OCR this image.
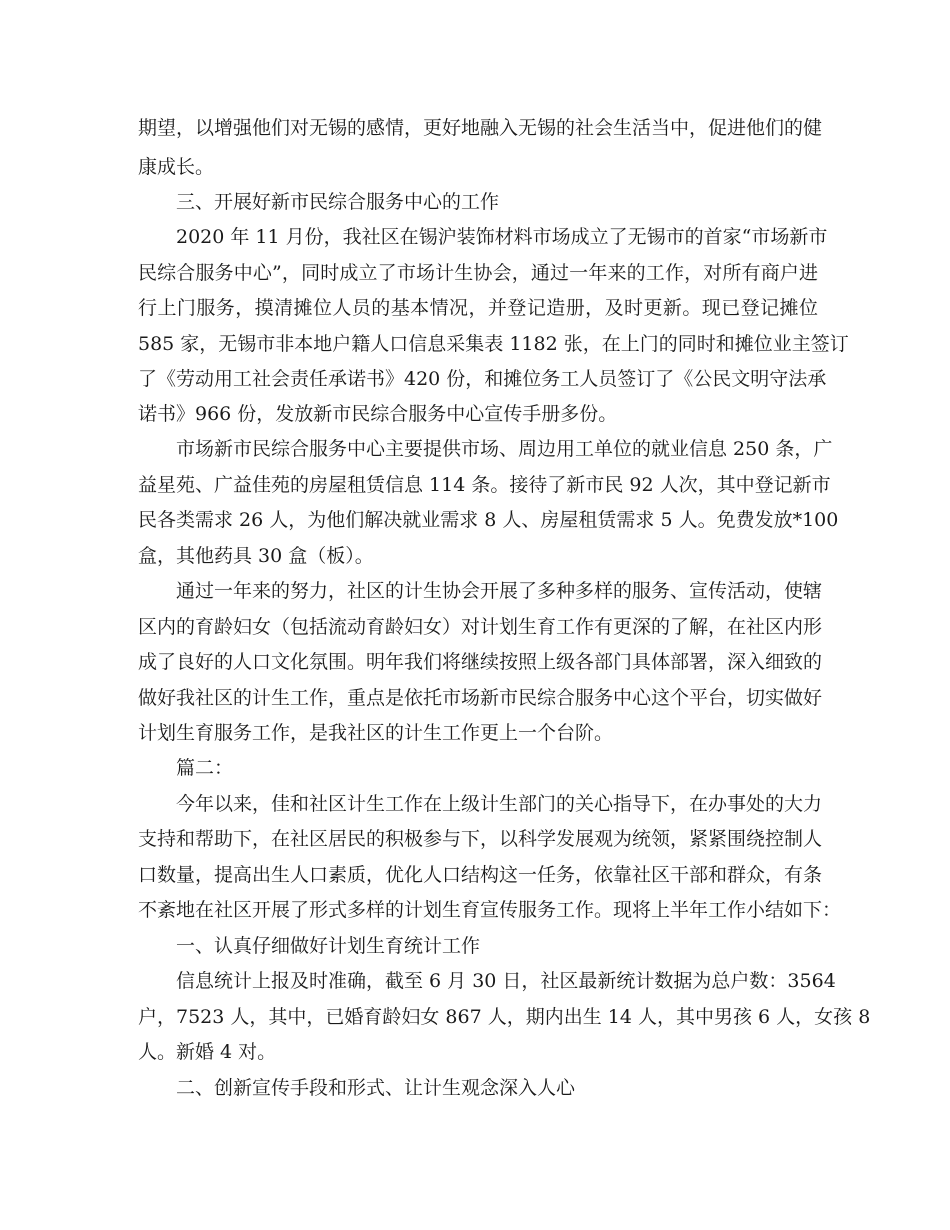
期望，以增强他们对无锡的感情，更好地融入无锡的社会生活当中，促进他们的健
康成长。
三、开展好新市民综合服务中心的工作
2020 年 11 月份，我社区在锡沪装饰材料市场成立了无锡市的首家“市场新市
民综合服务中心”，同时成立了市场计生协会，通过一年来的工作，对所有商户进
行上门服务，摸清摊位人员的基本情况，并登记造册，及时更新。现已登记摊位
585 家，无锡市非本地户籍人口信息采集表 1182 张，在上门的同时和摊位业主签订
了《劳动用工社会责任承诺书》420 份，和摊位务工人员签订了《公民文明守法承
诺书》966 份，发放新市民综合服务中心宣传手册多份。
市场新市民综合服务中心主要提供市场、周边用工单位的就业信息 250 条，广
益星苑、广益佳苑的房屋租赁信息 114 条。接待了新市民 92 人次，其中登记新市
民各类需求 26 人，为他们解决就业需求 8 人、房屋租赁需求 5 人。免费发放*100
盒，其他药具 30 盒（板）。
通过一年来的努力，社区的计生协会开展了多种多样的服务、宣传活动，使辖
区内的育龄妇女（包括流动育龄妇女）对计划生育工作有更深的了解，在社区内形
成了良好的人口文化氛围。明年我们将继续按照上级各部门具体部署，深入细致的
做好我社区的计生工作，重点是依托市场新市民综合服务中心这个平台，切实做好
计划生育服务工作，是我社区的计生工作更上一个台阶。
篇二：
今年以来，佳和社区计生工作在上级计生部门的关心指导下，在办事处的大力
支持和帮助下，在社区居民的积极参与下，以科学发展观为统领，紧紧围绕控制人
口数量，提高出生人口素质，优化人口结构这一任务，依靠社区干部和群众，有条
不紊地在社区开展了形式多样的计划生育宣传服务工作。现将上半年工作小结如下：
一、认真仔细做好计划生育统计工作
信息统计上报及时准确，截至 6 月 30 日，社区最新统计数据为总户数：3564
户，7523 人，其中，已婚育龄妇女 867 人，期内出生 14 人，其中男孩 6 人，女孩 8
人。新婚 4 对。
二、创新宣传手段和形式、让计生观念深入人心
